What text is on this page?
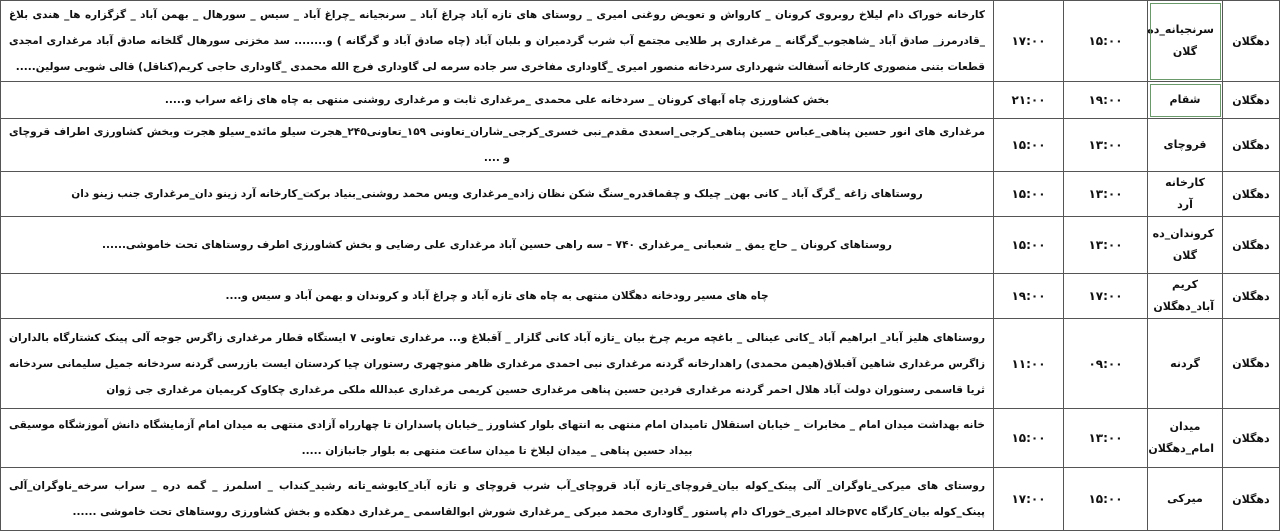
دهگلان	سرنجیانه_ده گلان	۱۵:۰۰	۱۷:۰۰	کارخانه خوراک دام لیلاخ روبروی کرونان _ کارواش و تعویض روغنی امیری _ روستای های تازه آباد چراغ آباد _ سرنجیانه _چراغ آباد _ سیس _ سورهال _ بهمن آباد _ گزگزاره ها_ هندی بلاغ _قادرمرز_ صادق آباد _شاهجوب_گرگانه _ مرغداری پر طلایی مجتمع آب شرب گردمیران و بلبان آباد (چاه صادق آباد و گرگانه ) و........ سد مخزنی سورهال گلخانه صادق آباد مرغداری امجدی قطعات بتنی منصوری کارخانه آسفالت شهرداری سردخانه منصور امیری _گاوداری مفاخری سر جاده سرمه لی گاوداری فرج الله محمدی _گاوداری حاجی کریم(کناقل) قالی شویی سولین.....
دهگلان	شقام	۱۹:۰۰	۲۱:۰۰	بخش کشاورزی چاه آبهای کرونان _ سردخانه علی محمدی _مرغداری ثابت و مرغداری روشنی منتهی به چاه های زاغه سراب و.....
دهگلان	قروچای	۱۳:۰۰	۱۵:۰۰	مرغداری های انور حسین پناهی_عباس حسین پناهی_کرجی_اسعدی مقدم_نبی خسری_کرجی_شاران_تعاونی ۱۵۹_تعاونی۲۴۵_هجرت سیلو مائده_سیلو هجرت وبخش کشاورزی اطراف قروچای و ....
دهگلان	کارخانه آرد	۱۳:۰۰	۱۵:۰۰	روستاهای زاغه _گرگ آباد _ کانی بهن_ چیلک و چقماقدره_سنگ شکن نظان زاده_مرغداری ویس محمد روشنی_بنیاد برکت_کارخانه آرد زینو دان_مرغداری جنب زینو دان
دهگلان	کروندان_ده گلان	۱۳:۰۰	۱۵:۰۰	روستاهای کرونان _ حاج یمق _ شعبانی _مرغداری ۷۴۰ – سه راهی حسین آباد مرغداری علی رضایی و بخش کشاورزی اطرف روستاهای تحت خاموشی......
دهگلان	کریم آباد_دهگلان	۱۷:۰۰	۱۹:۰۰	چاه های مسیر رودخانه دهگلان منتهی به چاه های تازه آباد و چراغ آباد و کروندان و بهمن آباد و سیس و....
دهگلان	گردنه	۰۹:۰۰	۱۱:۰۰	روستاهای هلیز آباد_ ابراهیم آباد _کانی عینالی _ باغچه مریم چرخ بیان _تازه آباد کانی گلزار _ آقبلاغ و... مرغداری تعاونی ۷ ایستگاه قطار مرغداری زاگرس جوجه آلی پینک کشتارگاه بالداران زاگرس مرغداری شاهین آقبلاق(هیمن محمدی) راهدارخانه گردنه مرغداری نبی احمدی مرغداری ظاهر منوچهری رستوران چیا کردستان ایست بازرسی گردنه سردخانه جمیل سلیمانی سردخانه ثریا قاسمی رستوران دولت آباد هلال احمر گردنه مرغداری فردین حسین پناهی مرغداری حسین کریمی مرغداری عبدالله ملکی مرغداری چکاوک کریمیان مرغداری جی ژوان
دهگلان	میدان امام_دهگلان	۱۳:۰۰	۱۵:۰۰	خانه بهداشت میدان امام _ مخابرات _ خیابان استقلال تامیدان امام منتهی به انتهای بلوار کشاورز _خیابان پاسداران تا چهارراه آزادی منتهی به میدان امام آزمایشگاه دانش آموزشگاه موسیقی بیداد حسین پناهی _ میدان لیلاخ تا میدان ساعت منتهی به بلوار جانبازان .....
دهگلان	میرکی	۱۵:۰۰	۱۷:۰۰	روستای های میرکی_ناوگران_ آلی پینک_کوله بیان_قروچای_تازه آباد قروچای_آب شرب قروچای و تازه آباد_کایوشه_تانه رشید_کنداب _ اسلمرز _ گمه دره _ سراب سرخه_ناوگران_آلی پینک_کوله بیان_کارگاه pvcخالد امیری_خوراک دام پاستور _گاوداری محمد میرکی _مرغداری شورش ابوالقاسمی _مرغداری دهکده و بخش کشاورزی روستاهای تحت خاموشی ......
